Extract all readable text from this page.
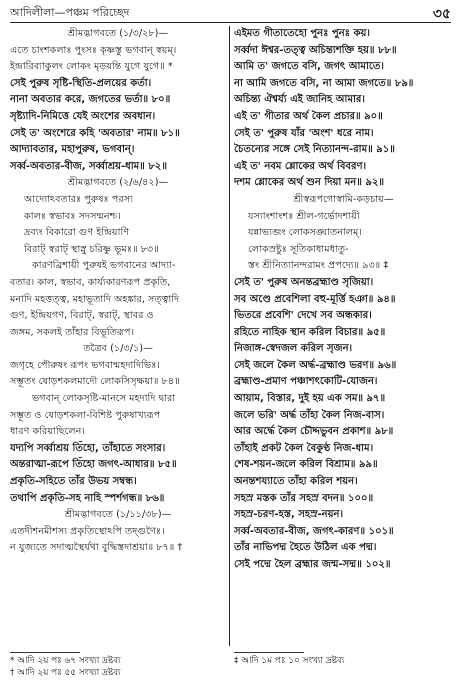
আদিলীলা—পঞ্চম পরিচ্ছেদ	৩৫
শ্রীমদ্ভাগবতে (১/৩/২৮)—
এতে চাংশকলাঃ পুংসঃ কৃষ্ণস্তু ভগবান্‌ স্বয়ম্‌।
ইন্দ্রারিব্যাকুলং লোকং মৃড়য়ন্তি যুগে যুগে॥ *
সেই পুরুষ সৃষ্টি-স্থিতি-প্রলয়ের কর্তা।
নানা অবতার করে, জগতের ভর্তা॥ ৮০॥
সৃষ্ট্যাদি-নিমিত্তে যেই অংশের অবধান।
সেই ত' অংশেরে কহি 'অবতার' নাম॥ ৮১॥
আদ্যাবতার, মহাপুরুষ, ভগবান্‌।
সর্ব্ব-অবতার-বীজ, সর্ব্বাশ্রয়-ধাম॥ ৮২॥
শ্রীমদ্ভাগবতে (২/৬/৪২)—
আদ্যোঽবতারঃ পুরুষঃ পরস্য
কালঃ স্বভাবঃ সদসন্মনশ্চ।
দ্রব্যং বিকারো গুণ ইন্দ্রিয়াণি
বিরাট্‌ স্বরাট্‌ স্থাস্নু চরিষ্ণু ভূমঃ॥ ৮৩॥
কারণব্রিশায়ী পুরুষই ভগবানের আদ্যা-
বতার। কাল, স্বভাব, কার্য্যকারণরূপ প্রকৃতি,
মনাদি মহত্তত্ত্ব, মহাভূতাদি অহঙ্কার, সত্ত্বাদি
গুণ, ইন্দ্রিয়গণ, বিরাট্‌, স্বরাট্‌, স্থাবর ও
জঙ্গম, সকলই তাঁহার বিভূতিরূপ।
তত্রৈব (১/৩/১)—
জগৃহে পৌরুষং রূপং ভগবান্মহদাদিভিঃ।
সম্ভূতং ষোড়শকলমাদৌ লোকসিসৃক্ষয়া॥ ৮৪॥
ভগবান্‌ লোকসৃষ্টি-মানসে মহদাদি দ্বারা
সম্ভূত ও ষোড়শকলা-বিশিষ্ট পুরুষাখ্যরূপ
ধারণ করিয়াছিলেন।
যদ্যপি সর্ব্বাশ্রয় তিঁহো, তাঁহাতে সংসার।
অন্তরাত্মা-রূপে তিঁহো জগৎ-আধার॥ ৮৫॥
প্রকৃতি-সহিতে তাঁর উভয় সম্বন্ধ।
তথাপি প্রকৃতি-সহ নাহি স্পর্শগন্ধ॥ ৮৬॥
শ্রীমদ্ভাগবতে (১/১১/৩৮)—
এতদীশনমীশস্য প্রকৃতিস্থোঽপি তদ্‌গুণৈঃ।
ন যুজ্যতে সদাত্মস্থৈর্যথা বুদ্ধিস্তদাশ্রয়া॥ ৮৭॥ †
এইমত গীতাতেহো পুনঃ পুনঃ কয়।
সর্ব্বদা ঈশ্বর-তত্ত্ব অচিন্ত্যশক্তি হয়॥ ৮৮॥
আমি ত' জগতে বসি, জগৎ আমাতে।
না আমি জগতে বসি, না আমা জগতে॥ ৮৯॥
অচিন্ত্য ঐশ্বর্য্য এই জানিহ আমার।
এই ত' গীতার অর্থ কৈল প্রচার॥ ৯০॥
সেই ত' পুরুষ যাঁর 'অংশ' ধরে নাম।
চৈতন্যের সঙ্গে সেই নিত্যানন্দ-রাম॥ ৯১॥
এই ত' নবম শ্লোকের অর্থ বিবরণ।
দশম শ্লোকের অর্থ শুন দিয়া মন॥ ৯২॥
শ্রীস্বরূপগোস্বামি-কড়চায়—
যস্যাংশাংশঃ শ্রীল-গর্ভোদশায়ী
যন্নাভ্যব্জং লোকসঙ্ঘাতনালম্‌।
লোকস্রষ্টুঃ সূতিকাধামধাতু-
স্তং শ্রীনিত্যানন্দরামং প্রপদ্যে॥ ৯৩॥ ‡
সেই ত' পুরুষ অনন্তব্রহ্মাণ্ড সৃজিয়া।
সব অণ্ডে প্রবেশিলা বহু-মূর্ত্তি হঞা॥ ৯৪॥
ভিতরে প্রবেশি' দেখে সব অন্ধকার।
রহিতে নাহিক স্থান করিল বিচার॥ ৯৫॥
নিজাঙ্গ-স্বেদজল করিল সৃজন।
সেই জলে কৈল অর্দ্ধ-ব্রহ্মাণ্ড ভরণ॥ ৯৬॥
ব্রহ্মাণ্ড-প্রমাণ পঞ্চাশৎকোটি-যোজন।
আয়াম, বিস্তার, দুই হয় এক সম॥ ৯৭॥
জলে ভরি' অর্দ্ধ তাঁহা কৈল নিজ-বাস।
আর অর্দ্ধে কৈল চৌদ্দভুবন প্রকাশ॥ ৯৮॥
তাঁহাই প্রকট কৈল বৈকুণ্ঠ নিজ-ধাম।
শেষ-শয়ন-জলে করিল বিশ্রাম॥ ৯৯॥
অনন্তশয্যাতে তাঁহা করিল শয়ন।
সহস্র মস্তক তাঁর সহস্র বদন॥ ১০০॥
সহস্র-চরণ-হস্ত, সহস্র-নয়ন।
সর্ব্ব-অবতার-বীজ, জগৎ-কারণ॥ ১০১॥
তাঁর নাভিপদ্ম হৈতে উঠিল এক পদ্ম।
সেই পদ্মে হৈল ব্রহ্মার জন্ম-সদ্ম॥ ১০২॥
* আদি ২য় পঃ ৬৭ সংখ্যা দ্রষ্টব্য
† আদি ২য় পঃ ৫৫ সংখ্যা দ্রষ্টব্য
‡ আদি ১ম পঃ ১০ সংখ্যা দ্রষ্টব্য
